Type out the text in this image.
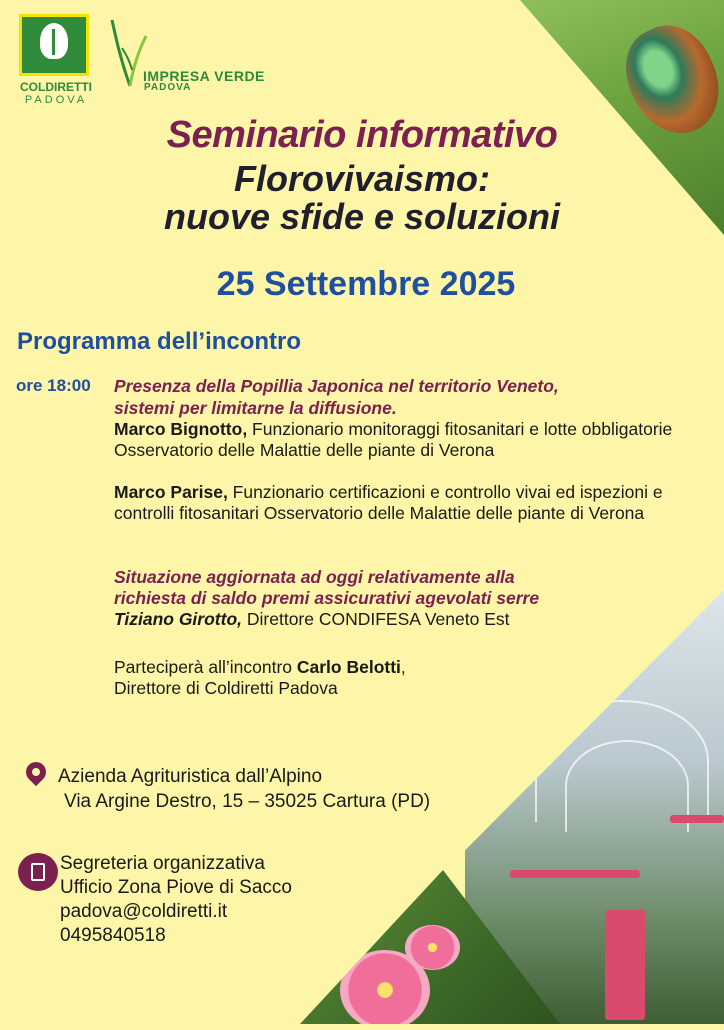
COLDIRETTI
PADOVA
IMPRESA VERDE
PADOVA
Seminario informativo
Florovivaismo:
nuove sfide e soluzioni
25 Settembre 2025
Programma dell’incontro
ore 18:00 Presenza della Popillia Japonica nel territorio Veneto,
sistemi per limitarne la diffusione.
Marco Bignotto, Funzionario monitoraggi fitosanitari e lotte obbligatorie Osservatorio delle Malattie delle piante di Verona
Marco Parise, Funzionario certificazioni e controllo vivai ed ispezioni e controlli fitosanitari Osservatorio delle Malattie delle piante di Verona
Situazione aggiornata ad oggi relativamente alla
richiesta di saldo premi assicurativi agevolati serre
Tiziano Girotto, Direttore CONDIFESA Veneto Est
Parteciperà all’incontro Carlo Belotti,
Direttore di Coldiretti Padova
Azienda Agrituristica dall’Alpino
Via Argine Destro, 15 – 35025 Cartura (PD)
Segreteria organizzativa
Ufficio Zona Piove di Sacco
padova@coldiretti.it
0495840518
